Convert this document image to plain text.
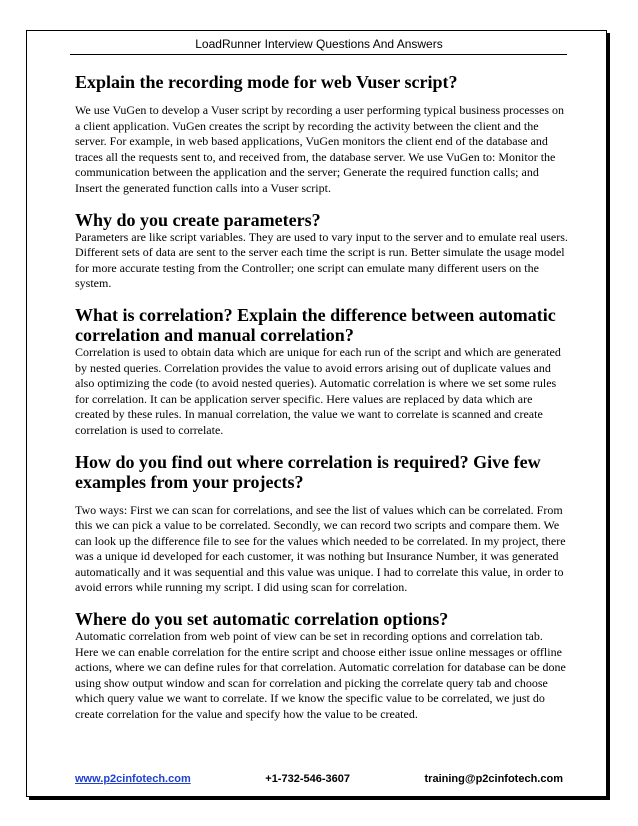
LoadRunner Interview Questions And Answers
Explain the recording mode for web Vuser script?

We use VuGen to develop a Vuser script by recording a user performing typical business processes on a client application. VuGen creates the script by recording the activity between the client and the server. For example, in web based applications, VuGen monitors the client end of the database and traces all the requests sent to, and received from, the database server. We use VuGen to: Monitor the communication between the application and the server; Generate the required function calls; and Insert the generated function calls into a Vuser script.

Why do you create parameters?

Parameters are like script variables. They are used to vary input to the server and to emulate real users. Different sets of data are sent to the server each time the script is run. Better simulate the usage model for more accurate testing from the Controller; one script can emulate many different users on the system.

What is correlation? Explain the difference between automatic correlation and manual correlation?

Correlation is used to obtain data which are unique for each run of the script and which are generated by nested queries. Correlation provides the value to avoid errors arising out of duplicate values and also optimizing the code (to avoid nested queries). Automatic correlation is where we set some rules for correlation. It can be application server specific. Here values are replaced by data which are created by these rules. In manual correlation, the value we want to correlate is scanned and create correlation is used to correlate.

How do you find out where correlation is required? Give few examples from your projects?

Two ways: First we can scan for correlations, and see the list of values which can be correlated. From this we can pick a value to be correlated. Secondly, we can record two scripts and compare them. We can look up the difference file to see for the values which needed to be correlated. In my project, there was a unique id developed for each customer, it was nothing but Insurance Number, it was generated automatically and it was sequential and this value was unique. I had to correlate this value, in order to avoid errors while running my script. I did using scan for correlation.

Where do you set automatic correlation options?

Automatic correlation from web point of view can be set in recording options and correlation tab. Here we can enable correlation for the entire script and choose either issue online messages or offline actions, where we can define rules for that correlation. Automatic correlation for database can be done using show output window and scan for correlation and picking the correlate query tab and choose which query value we want to correlate. If we know the specific value to be correlated, we just do create correlation for the value and specify how the value to be created.

www.p2cinfotech.com	+1-732-546-3607	training@p2cinfotech.com
